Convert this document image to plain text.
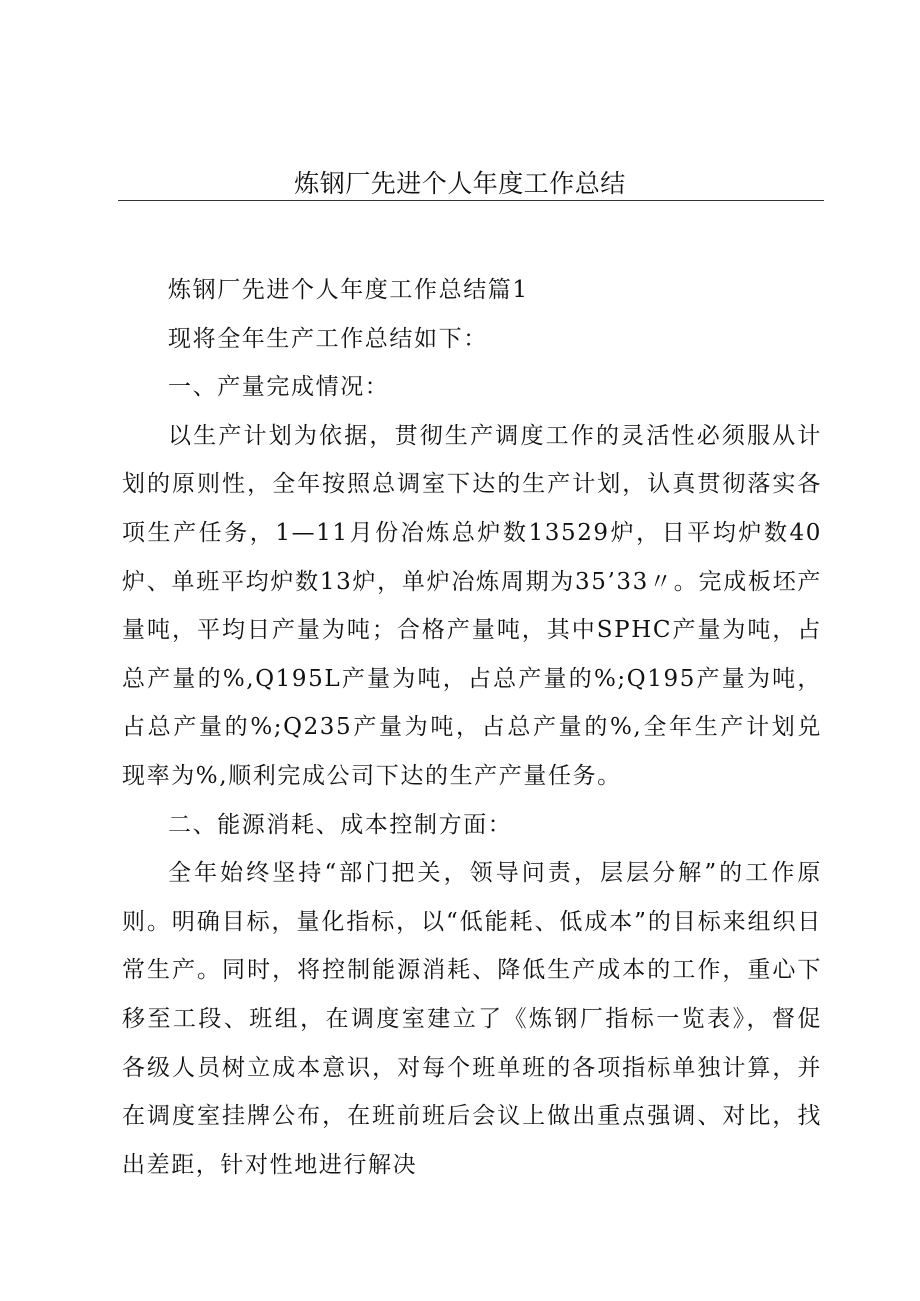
炼钢厂先进个人年度工作总结

炼钢厂先进个人年度工作总结篇1

现将全年生产工作总结如下：

一、产量完成情况：

以生产计划为依据，贯彻生产调度工作的灵活性必须服从计划的原则性，全年按照总调室下达的生产计划，认真贯彻落实各项生产任务，1—11月份冶炼总炉数13529炉，日平均炉数40炉、单班平均炉数13炉，单炉冶炼周期为35’33〃。完成板坯产量吨，平均日产量为吨；合格产量吨，其中SPHC产量为吨，占总产量的%,Q195L产量为吨，占总产量的%;Q195产量为吨，占总产量的%;Q235产量为吨，占总产量的%,全年生产计划兑现率为%,顺利完成公司下达的生产产量任务。

二、能源消耗、成本控制方面：

全年始终坚持“部门把关，领导问责，层层分解”的工作原则。明确目标，量化指标，以“低能耗、低成本”的目标来组织日常生产。同时，将控制能源消耗、降低生产成本的工作，重心下移至工段、班组，在调度室建立了《炼钢厂指标一览表》，督促各级人员树立成本意识，对每个班单班的各项指标单独计算，并在调度室挂牌公布，在班前班后会议上做出重点强调、对比，找出差距，针对性地进行解决
